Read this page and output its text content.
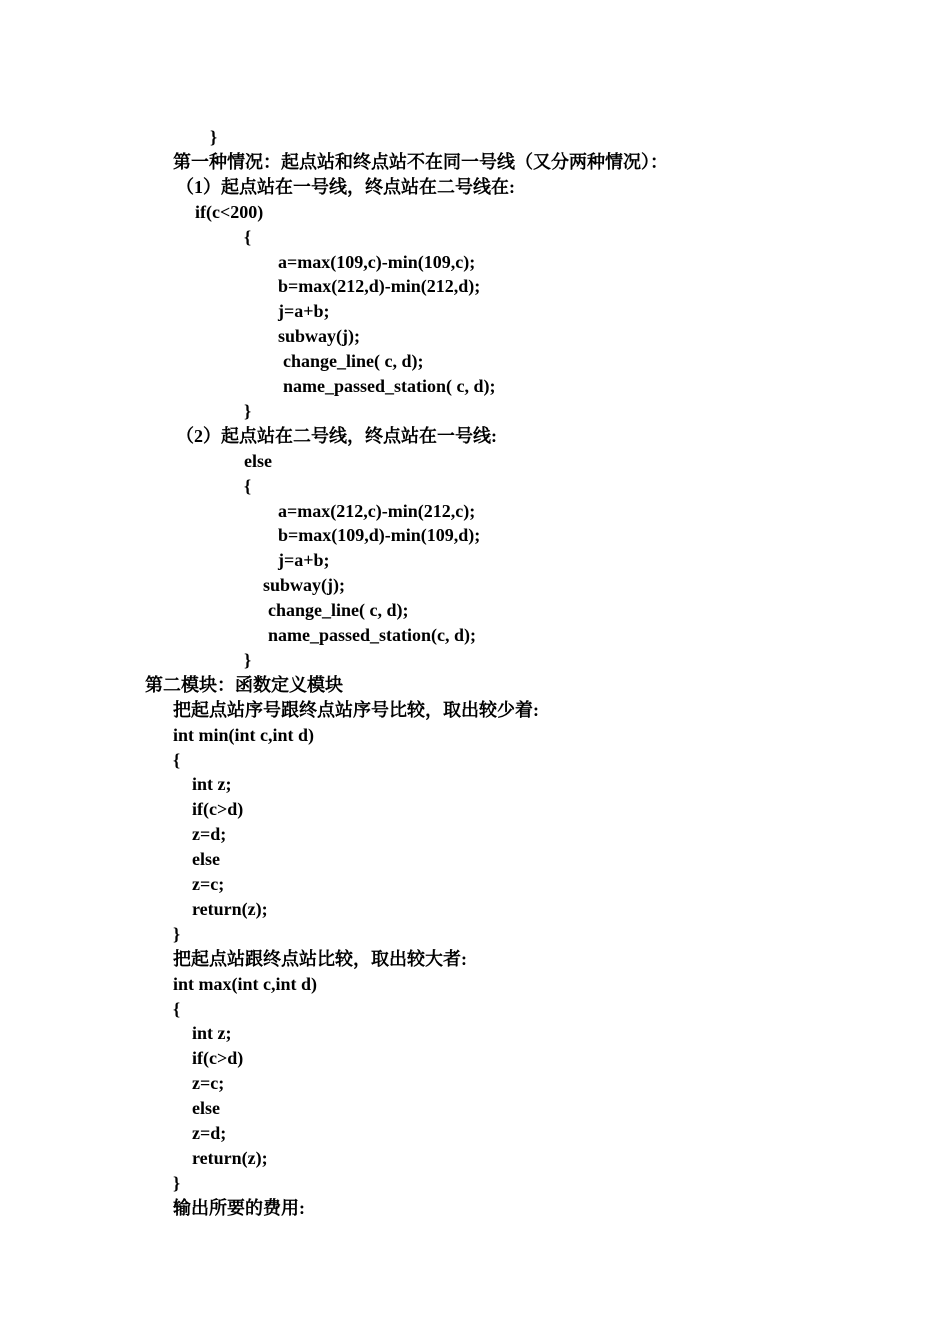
}
第一种情况：起点站和终点站不在同一号线（又分两种情况）：
（1）起点站在一号线，终点站在二号线在:
if(c<200)
{
a=max(109,c)-min(109,c);
b=max(212,d)-min(212,d);
j=a+b;
subway(j);
change_line( c, d);
name_passed_station( c, d);
}
（2）起点站在二号线，终点站在一号线:
else
{
a=max(212,c)-min(212,c);
b=max(109,d)-min(109,d);
j=a+b;
subway(j);
change_line( c, d);
name_passed_station(c, d);
}
第二模块：函数定义模块
把起点站序号跟终点站序号比较，取出较少着:
int min(int c,int d)
{
int z;
if(c>d)
z=d;
else
z=c;
return(z);
}
把起点站跟终点站比较，取出较大者:
int max(int c,int d)
{
int z;
if(c>d)
z=c;
else
z=d;
return(z);
}
输出所要的费用:
